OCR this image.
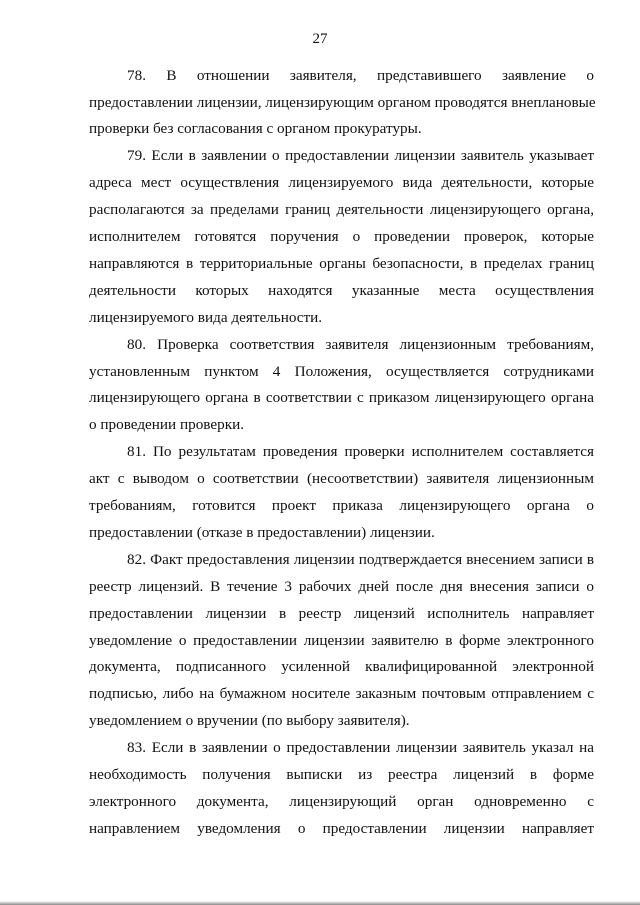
27
78. В отношении заявителя, представившего заявление о
предоставлении лицензии, лицензирующим органом проводятся внеплановые
проверки без согласования с органом прокуратуры.
79. Если в заявлении о предоставлении лицензии заявитель указывает
адреса мест осуществления лицензируемого вида деятельности, которые
располагаются за пределами границ деятельности лицензирующего органа,
исполнителем готовятся поручения о проведении проверок, которые
направляются в территориальные органы безопасности, в пределах границ
деятельности которых находятся указанные места осуществления
лицензируемого вида деятельности.
80. Проверка соответствия заявителя лицензионным требованиям,
установленным пунктом 4 Положения, осуществляется сотрудниками
лицензирующего органа в соответствии с приказом лицензирующего органа
о проведении проверки.
81. По результатам проведения проверки исполнителем составляется
акт с выводом о соответствии (несоответствии) заявителя лицензионным
требованиям, готовится проект приказа лицензирующего органа о
предоставлении (отказе в предоставлении) лицензии.
82. Факт предоставления лицензии подтверждается внесением записи в
реестр лицензий. В течение 3 рабочих дней после дня внесения записи о
предоставлении лицензии в реестр лицензий исполнитель направляет
уведомление о предоставлении лицензии заявителю в форме электронного
документа, подписанного усиленной квалифицированной электронной
подписью, либо на бумажном носителе заказным почтовым отправлением с
уведомлением о вручении (по выбору заявителя).
83. Если в заявлении о предоставлении лицензии заявитель указал на
необходимость получения выписки из реестра лицензий в форме
электронного документа, лицензирующий орган одновременно с
направлением уведомления о предоставлении лицензии направляет
